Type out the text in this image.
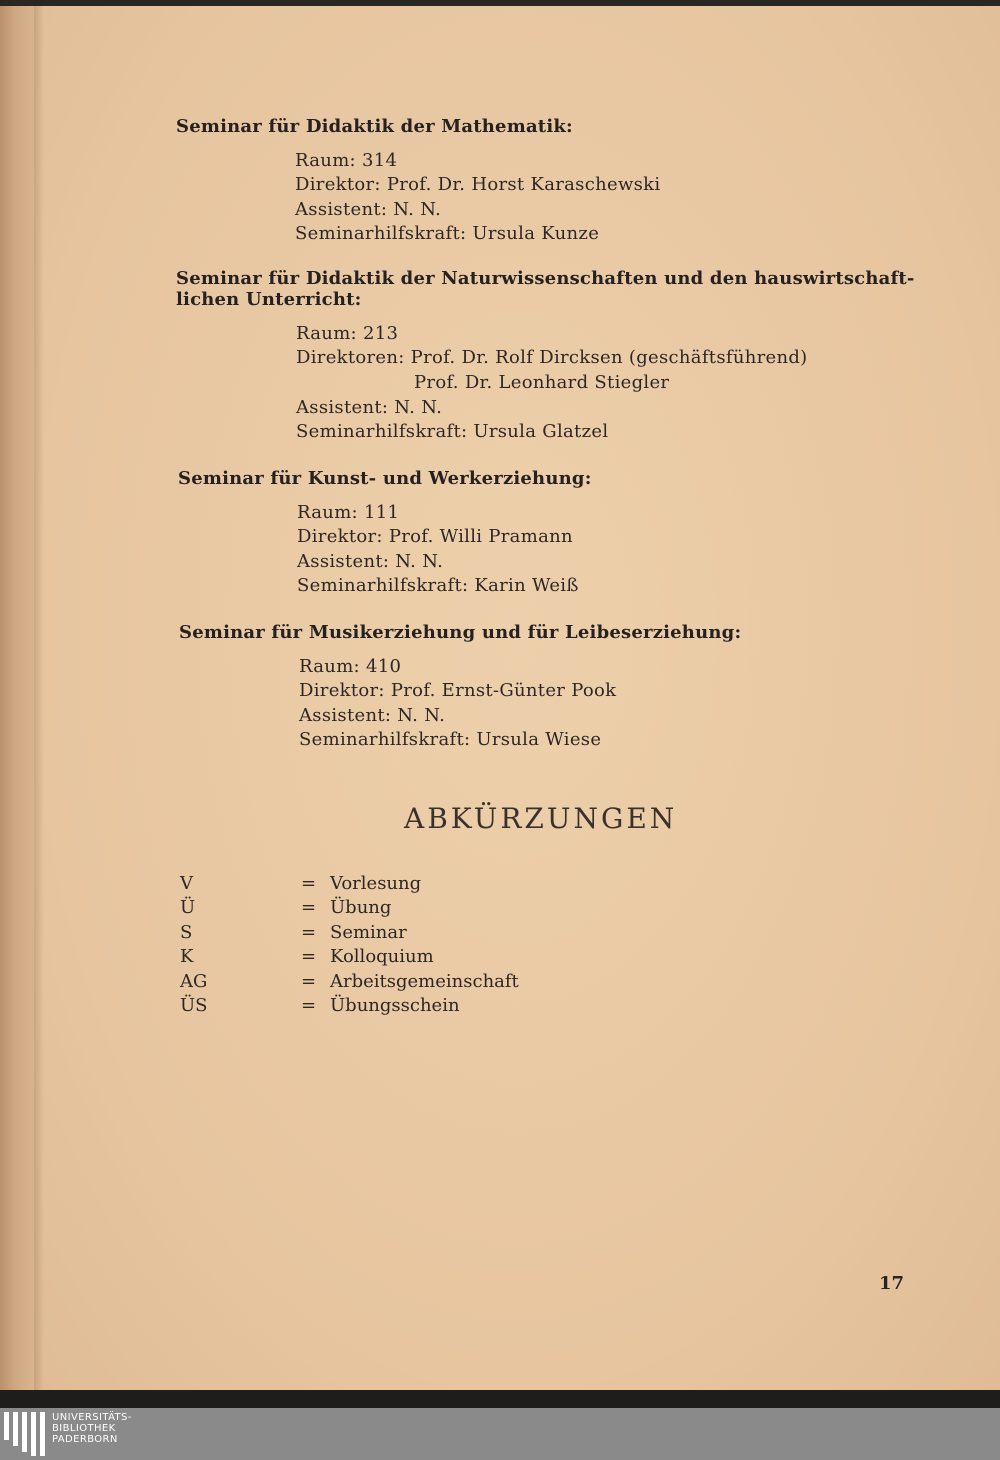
Seminar für Didaktik der Mathematik:
Raum: 314
Direktor: Prof. Dr. Horst Karaschewski
Assistent: N. N.
Seminarhilfskraft: Ursula Kunze
Seminar für Didaktik der Naturwissenschaften und den hauswirtschaft-
lichen Unterricht:
Raum: 213
Direktoren: Prof. Dr. Rolf Dircksen (geschäftsführend)
Prof. Dr. Leonhard Stiegler
Assistent: N. N.
Seminarhilfskraft: Ursula Glatzel
Seminar für Kunst- und Werkerziehung:
Raum: 111
Direktor: Prof. Willi Pramann
Assistent: N. N.
Seminarhilfskraft: Karin Weiß
Seminar für Musikerziehung und für Leibeserziehung:
Raum: 410
Direktor: Prof. Ernst-Günter Pook
Assistent: N. N.
Seminarhilfskraft: Ursula Wiese
ABKÜRZUNGEN
V	= Vorlesung
Ü	= Übung
S	= Seminar
K	= Kolloquium
AG	= Arbeitsgemeinschaft
ÜS	= Übungsschein
17
UNIVERSITÄTS-
BIBLIOTHEK
PADERBORN
